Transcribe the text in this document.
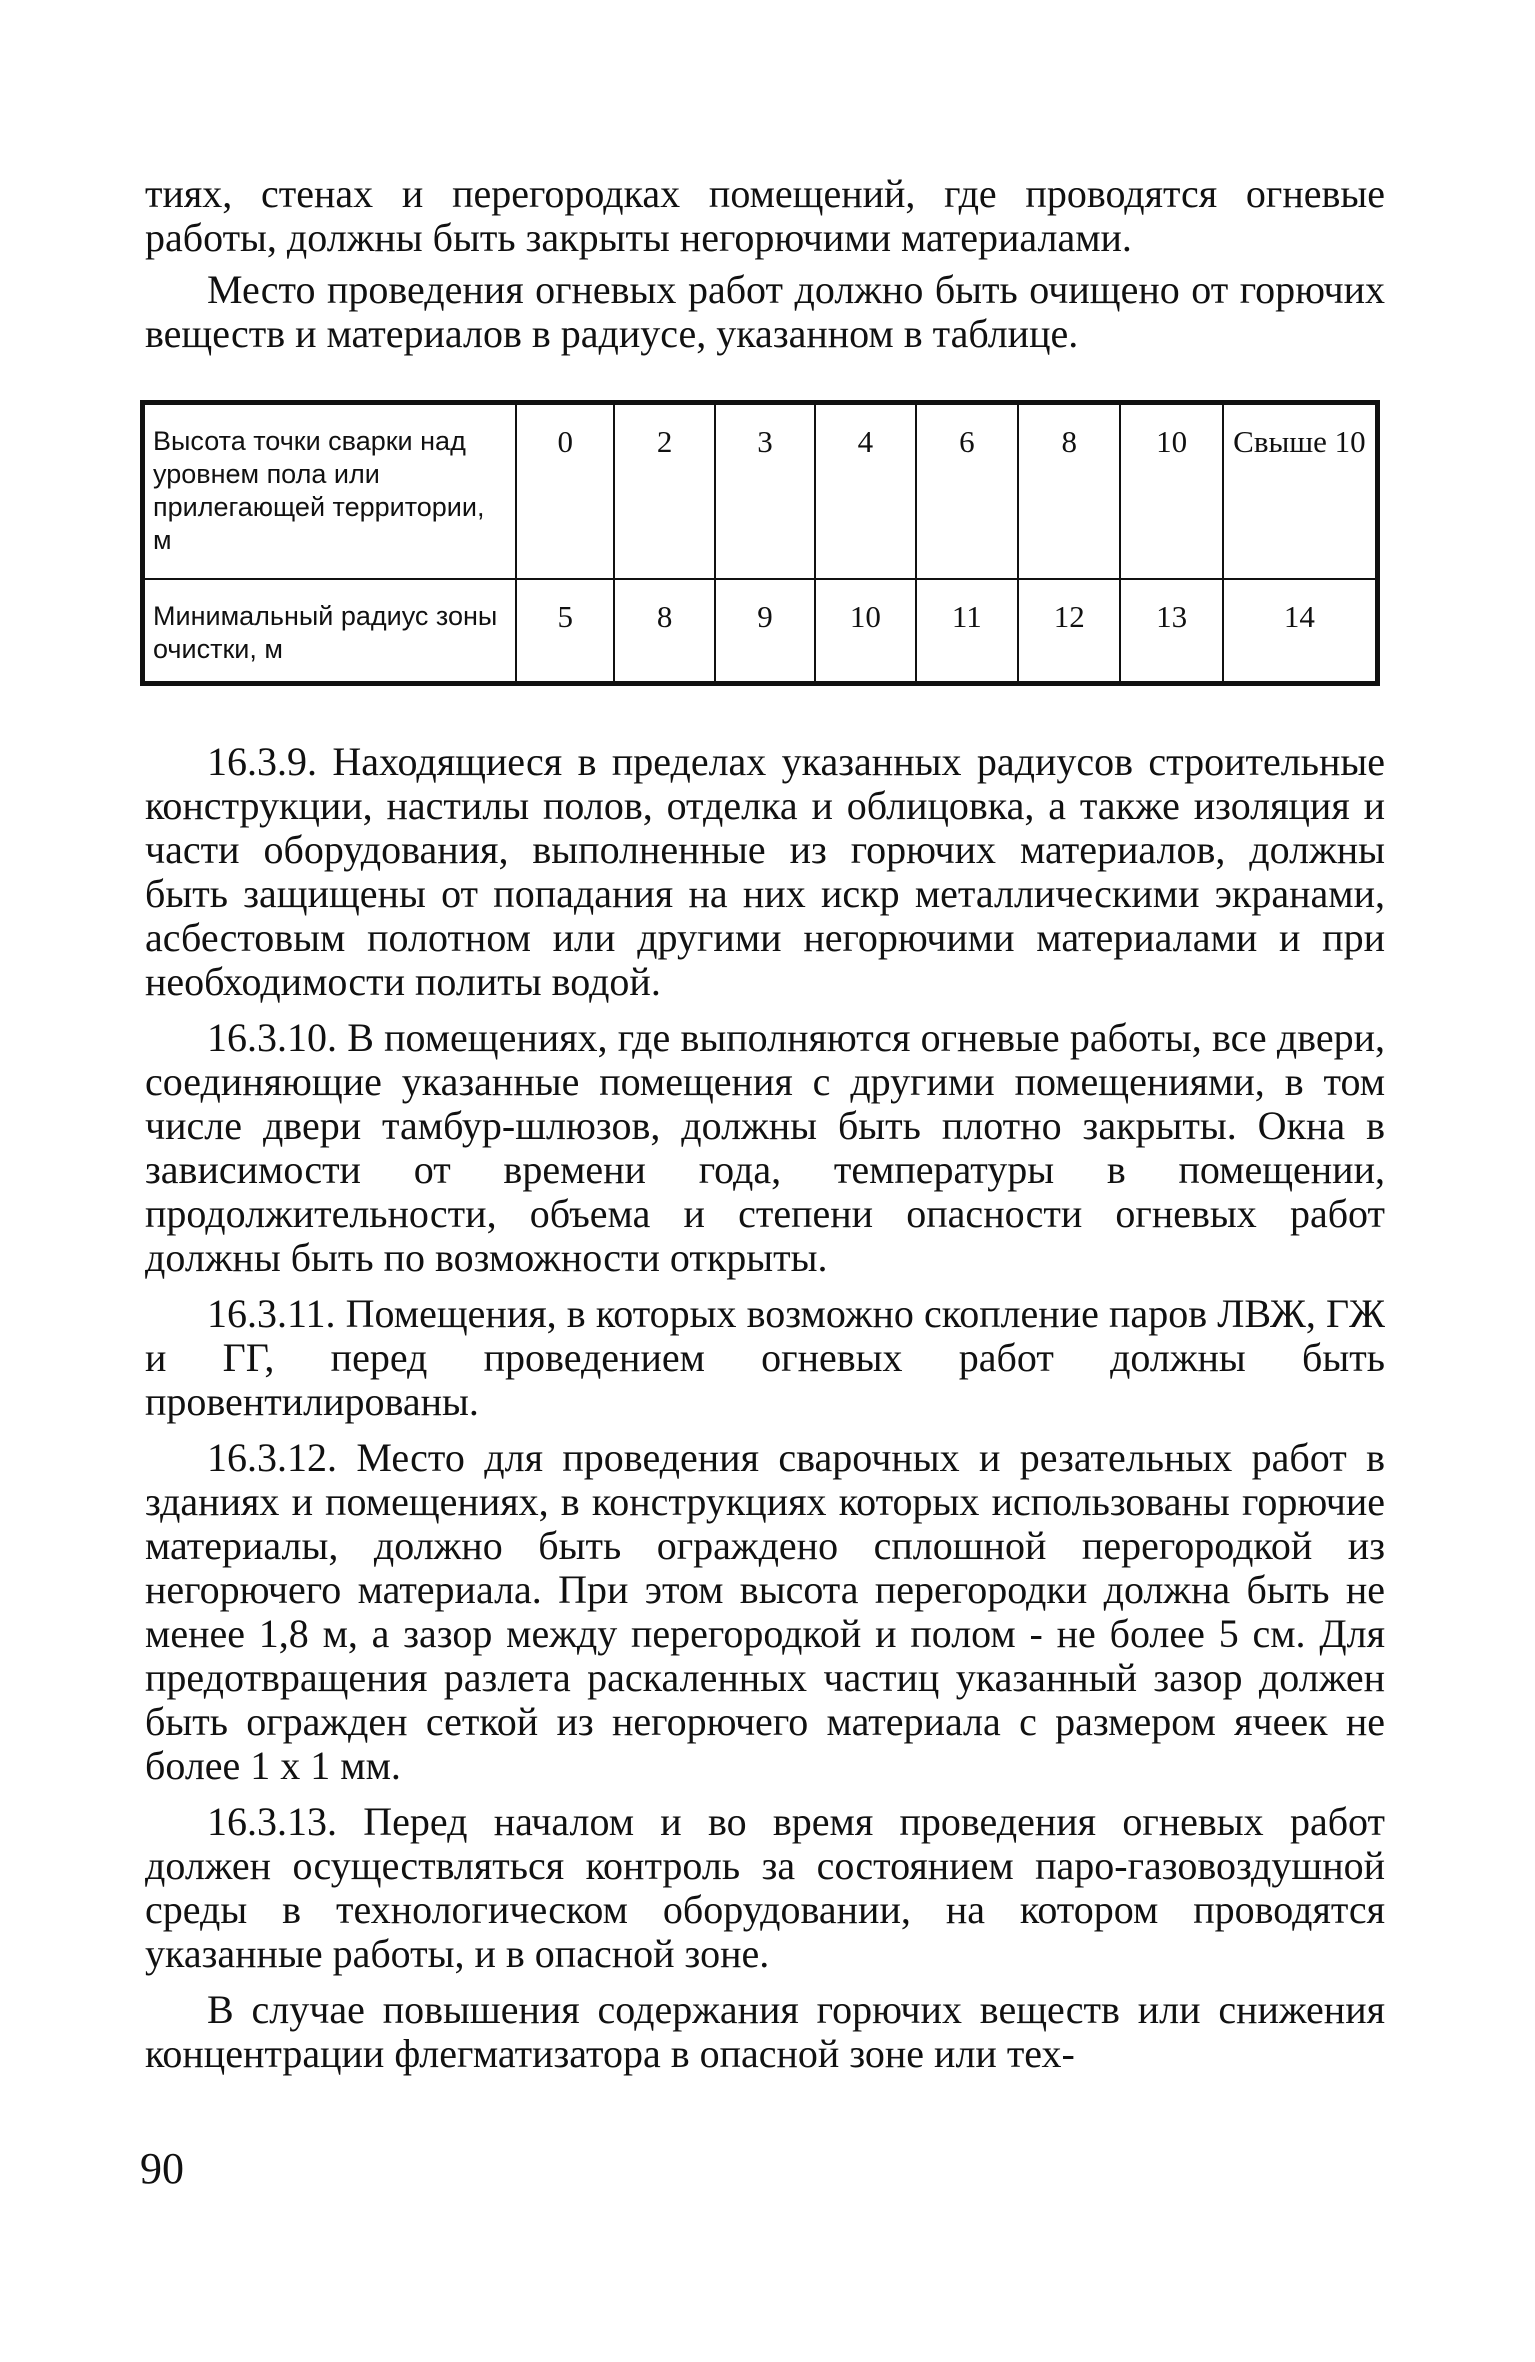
тиях, стенах и перегородках помещений, где проводятся огневые работы, должны быть закрыты негорючими материалами.

Место проведения огневых работ должно быть очищено от горючих веществ и материалов в радиусе, указанном в таблице.

Высота точки сварки над уровнем пола или прилегающей территории, м	0	2	3	4	6	8	10	Свыше 10
Минимальный радиус зоны очистки, м	5	8	9	10	11	12	13	14

16.3.9. Находящиеся в пределах указанных радиусов строительные конструкции, настилы полов, отделка и облицовка, а также изоляция и части оборудования, выполненные из горючих материалов, должны быть защищены от попадания на них искр металлическими экранами, асбестовым полотном или другими негорючими материалами и при необходимости политы водой.

16.3.10. В помещениях, где выполняются огневые работы, все двери, соединяющие указанные помещения с другими помещениями, в том числе двери тамбур-шлюзов, должны быть плотно закрыты. Окна в зависимости от времени года, температуры в помещении, продолжительности, объема и степени опасности огневых работ должны быть по возможности открыты.

16.3.11. Помещения, в которых возможно скопление паров ЛВЖ, ГЖ и ГГ, перед проведением огневых работ должны быть провентилированы.

16.3.12. Место для проведения сварочных и резательных работ в зданиях и помещениях, в конструкциях которых использованы горючие материалы, должно быть ограждено сплошной перегородкой из негорючего материала. При этом высота перегородки должна быть не менее 1,8 м, а зазор между перегородкой и полом - не более 5 см. Для предотвращения разлета раскаленных частиц указанный зазор должен быть огражден сеткой из негорючего материала с размером ячеек не более 1 x 1 мм.

16.3.13. Перед началом и во время проведения огневых работ должен осуществляться контроль за состоянием паро-газовоздушной среды в технологическом оборудовании, на котором проводятся указанные работы, и в опасной зоне.

В случае повышения содержания горючих веществ или снижения концентрации флегматизатора в опасной зоне или тех-

90
